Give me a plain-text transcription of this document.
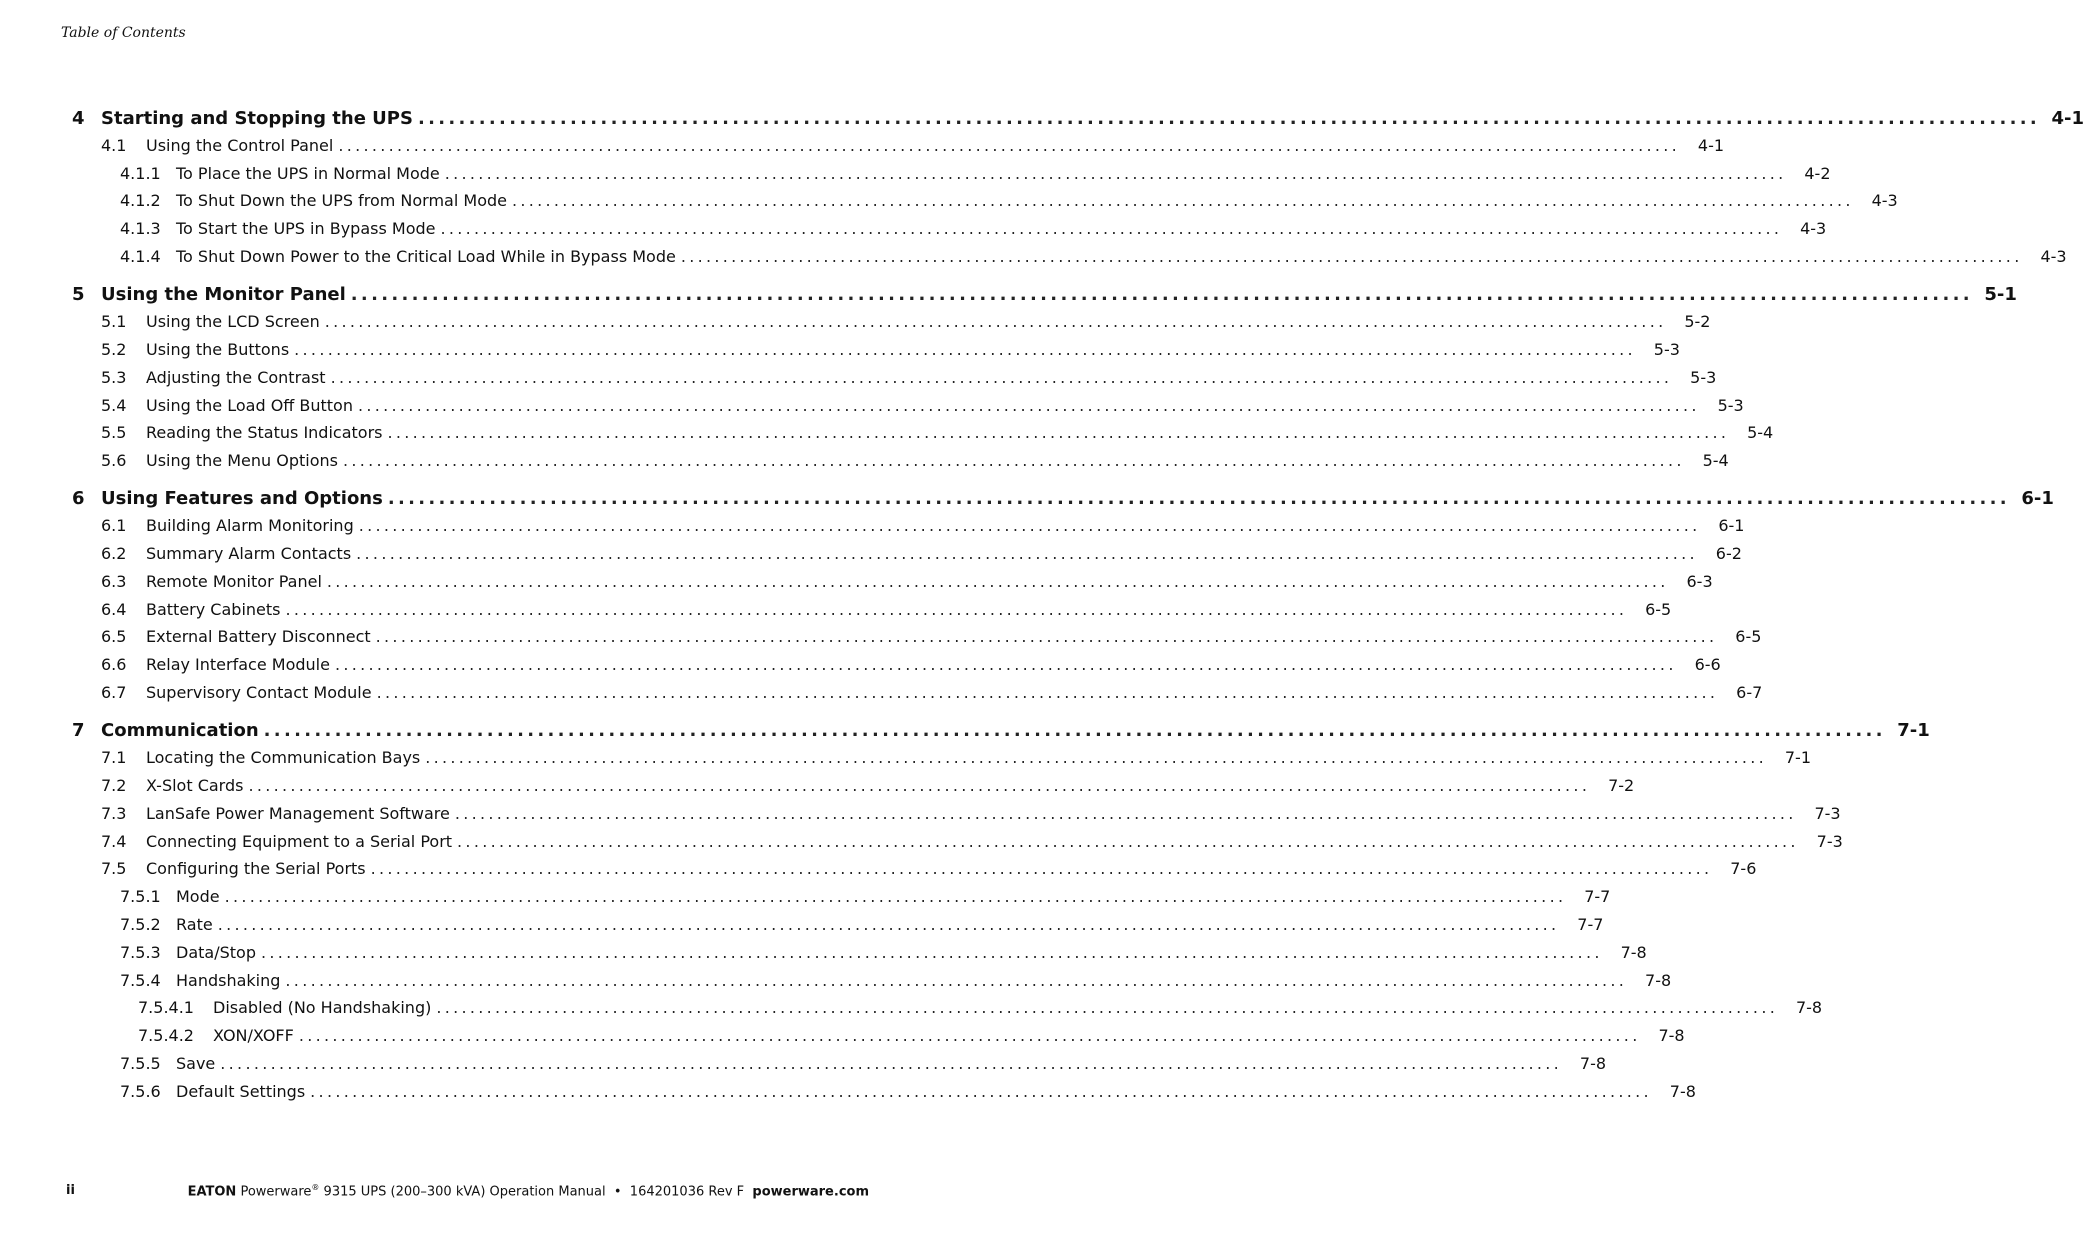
Table of Contents
4 Starting and Stopping the UPS ................................................................................................................................................................ 4-1
4.1	Using the Control Panel ................................................................................................................................................................	4-1
4.1.1 To Place the UPS in Normal Mode ................................................................................................................................................................	4-2
4.1.2 To Shut Down the UPS from Normal Mode ................................................................................................................................................................	4-3
4.1.3 To Start the UPS in Bypass Mode ................................................................................................................................................................	4-3
4.1.4 To Shut Down Power to the Critical Load While in Bypass Mode ................................................................................................................................................................	4-3
5 Using the Monitor Panel ................................................................................................................................................................ 5-1
5.1	Using the LCD Screen ................................................................................................................................................................	5-2
5.2	Using the Buttons ................................................................................................................................................................	5-3
5.3	Adjusting the Contrast ................................................................................................................................................................	5-3
5.4	Using the Load Off Button ................................................................................................................................................................	5-3
5.5	Reading the Status Indicators ................................................................................................................................................................	5-4
5.6	Using the Menu Options ................................................................................................................................................................	5-4
6 Using Features and Options ................................................................................................................................................................ 6-1
6.1	Building Alarm Monitoring ................................................................................................................................................................	6-1
6.2	Summary Alarm Contacts ................................................................................................................................................................	6-2
6.3	Remote Monitor Panel ................................................................................................................................................................	6-3
6.4	Battery Cabinets ................................................................................................................................................................	6-5
6.5	External Battery Disconnect ................................................................................................................................................................	6-5
6.6	Relay Interface Module ................................................................................................................................................................	6-6
6.7	Supervisory Contact Module ................................................................................................................................................................	6-7
7 Communication ................................................................................................................................................................ 7-1
7.1	Locating the Communication Bays ................................................................................................................................................................	7-1
7.2	X-Slot Cards ................................................................................................................................................................	7-2
7.3	LanSafe Power Management Software ................................................................................................................................................................	7-3
7.4	Connecting Equipment to a Serial Port ................................................................................................................................................................	7-3
7.5	Configuring the Serial Ports ................................................................................................................................................................	7-6
7.5.1 Mode ................................................................................................................................................................	7-7
7.5.2 Rate ................................................................................................................................................................	7-7
7.5.3 Data/Stop ................................................................................................................................................................	7-8
7.5.4 Handshaking ................................................................................................................................................................	7-8
7.5.4.1	Disabled (No Handshaking) ................................................................................................................................................................	7-8
7.5.4.2	XON/XOFF ................................................................................................................................................................	7-8
7.5.5 Save ................................................................................................................................................................	7-8
7.5.6 Default Settings ................................................................................................................................................................	7-8
ii	EATON Powerware® 9315 UPS (200–300 kVA) Operation Manual • 164201036 Rev F powerware.com
